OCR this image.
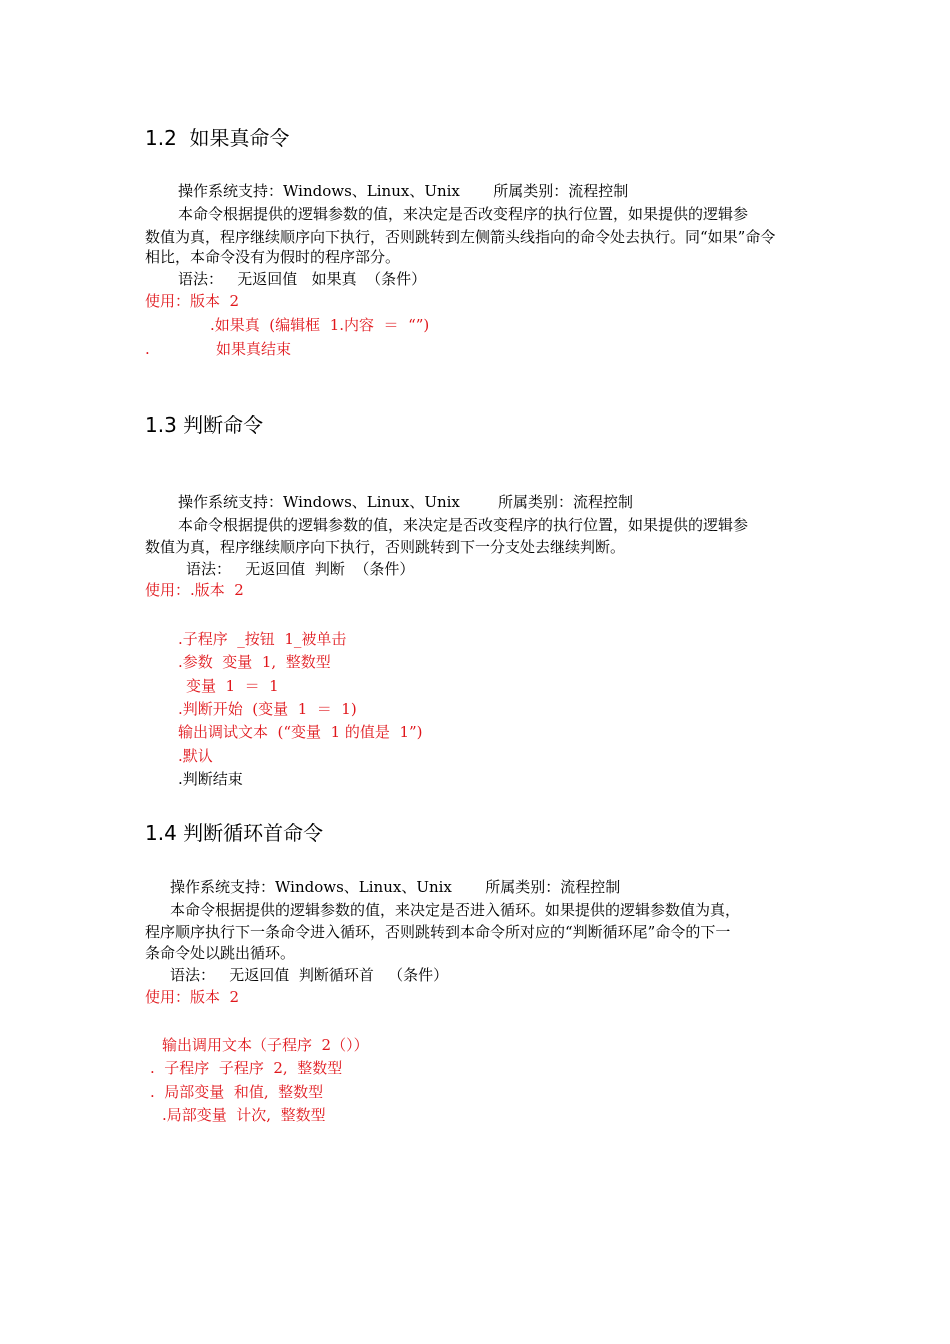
1.2  如果真命令
操作系统支持：Windows、Linux、Unix       所属类别：流程控制
本命令根据提供的逻辑参数的值，来决定是否改变程序的执行位置，如果提供的逻辑参
数值为真，程序继续顺序向下执行，否则跳转到左侧箭头线指向的命令处去执行。同“如果”命令
相比，本命令没有为假时的程序部分。
语法：   无返回值   如果真  （条件）
使用：版本  2
.如果真  (编辑框  1.内容  ＝  “”)
.	如果真结束
1.3 判断命令
操作系统支持：Windows、Linux、Unix        所属类别：流程控制
本命令根据提供的逻辑参数的值，来决定是否改变程序的执行位置，如果提供的逻辑参
数值为真，程序继续顺序向下执行，否则跳转到下一分支处去继续判断。
语法：   无返回值  判断  （条件）
使用：.版本  2
.子程序  _按钮  1_被单击
.参数  变量  1,  整数型
变量  1  ＝  1
.判断开始  (变量  1  ＝  1)
输出调试文本  (“变量  1 的值是  1”)
.默认
.判断结束
1.4 判断循环首命令
操作系统支持：Windows、Linux、Unix       所属类别：流程控制
本命令根据提供的逻辑参数的值，来决定是否进入循环。如果提供的逻辑参数值为真，
程序顺序执行下一条命令进入循环，否则跳转到本命令所对应的“判断循环尾”命令的下一
条命令处以跳出循环。
语法：   无返回值  判断循环首   （条件）
使用：版本  2
输出调用文本（子程序  2（））
.  子程序  子程序  2,  整数型
.  局部变量  和值,  整数型
.局部变量  计次,  整数型
